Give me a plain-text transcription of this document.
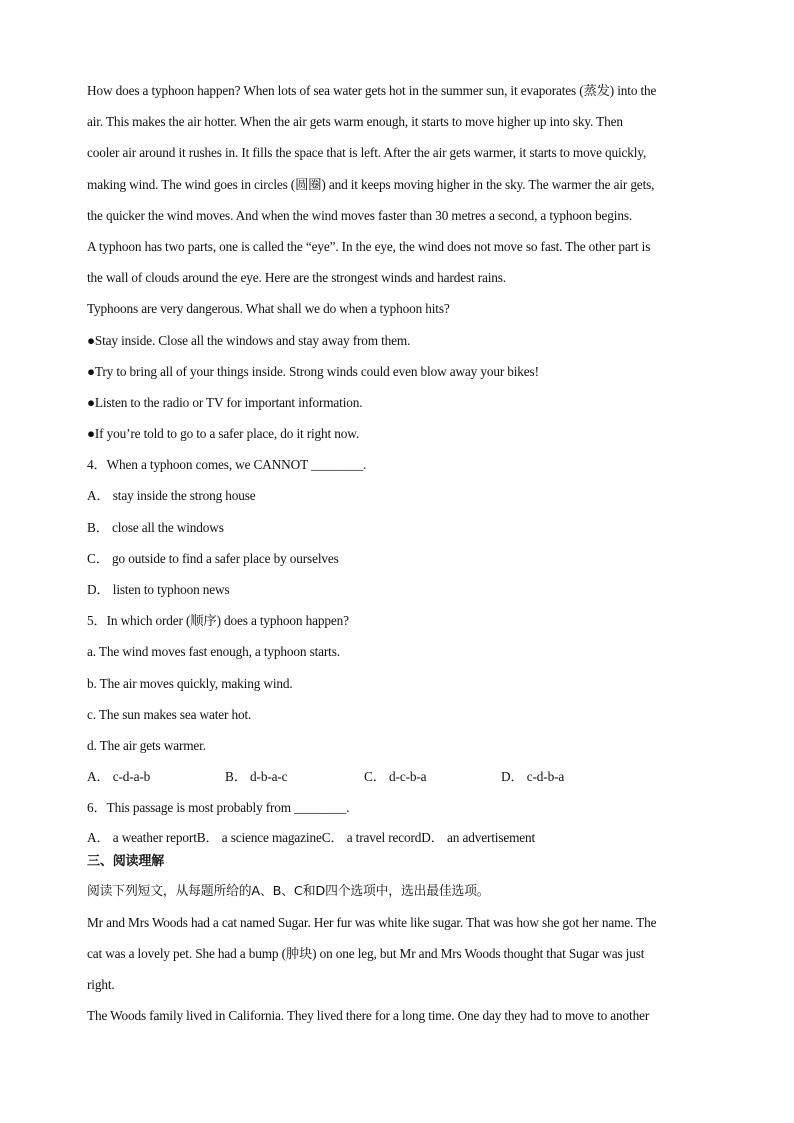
How does a typhoon happen? When lots of sea water gets hot in the summer sun, it evaporates (蒸发) into the
air. This makes the air hotter. When the air gets warm enough, it starts to move higher up into sky. Then
cooler air around it rushes in. It fills the space that is left. After the air gets warmer, it starts to move quickly,
making wind. The wind goes in circles (圆圈) and it keeps moving higher in the sky. The warmer the air gets,
the quicker the wind moves. And when the wind moves faster than 30 metres a second, a typhoon begins.
A typhoon has two parts, one is called the “eye”. In the eye, the wind does not move so fast. The other part is
the wall of clouds around the eye. Here are the strongest winds and hardest rains.
Typhoons are very dangerous. What shall we do when a typhoon hits?
●Stay inside. Close all the windows and stay away from them.
●Try to bring all of your things inside. Strong winds could even blow away your bikes!
●Listen to the radio or TV for important information.
●If you’re told to go to a safer place, do it right now.
4．When a typhoon comes, we CANNOT ________.
A． stay inside the strong house
B． close all the windows
C． go outside to find a safer place by ourselves
D． listen to typhoon news
5．In which order (顺序) does a typhoon happen?
a. The wind moves fast enough, a typhoon starts.
b. The air moves quickly, making wind.
c. The sun makes sea water hot.
d. The air gets warmer.
A． c-d-a-b	B． d-b-a-c	C． d-c-b-a	D． c-d-b-a
6．This passage is most probably from ________.
A． a weather reportB． a science magazineC． a travel recordD． an advertisement
三、阅读理解
阅读下列短文，从每题所给的A、B、C和D四个选项中，选出最佳选项。
Mr and Mrs Woods had a cat named Sugar. Her fur was white like sugar. That was how she got her name. The
cat was a lovely pet. She had a bump (肿块) on one leg, but Mr and Mrs Woods thought that Sugar was just
right.
The Woods family lived in California. They lived there for a long time. One day they had to move to another
